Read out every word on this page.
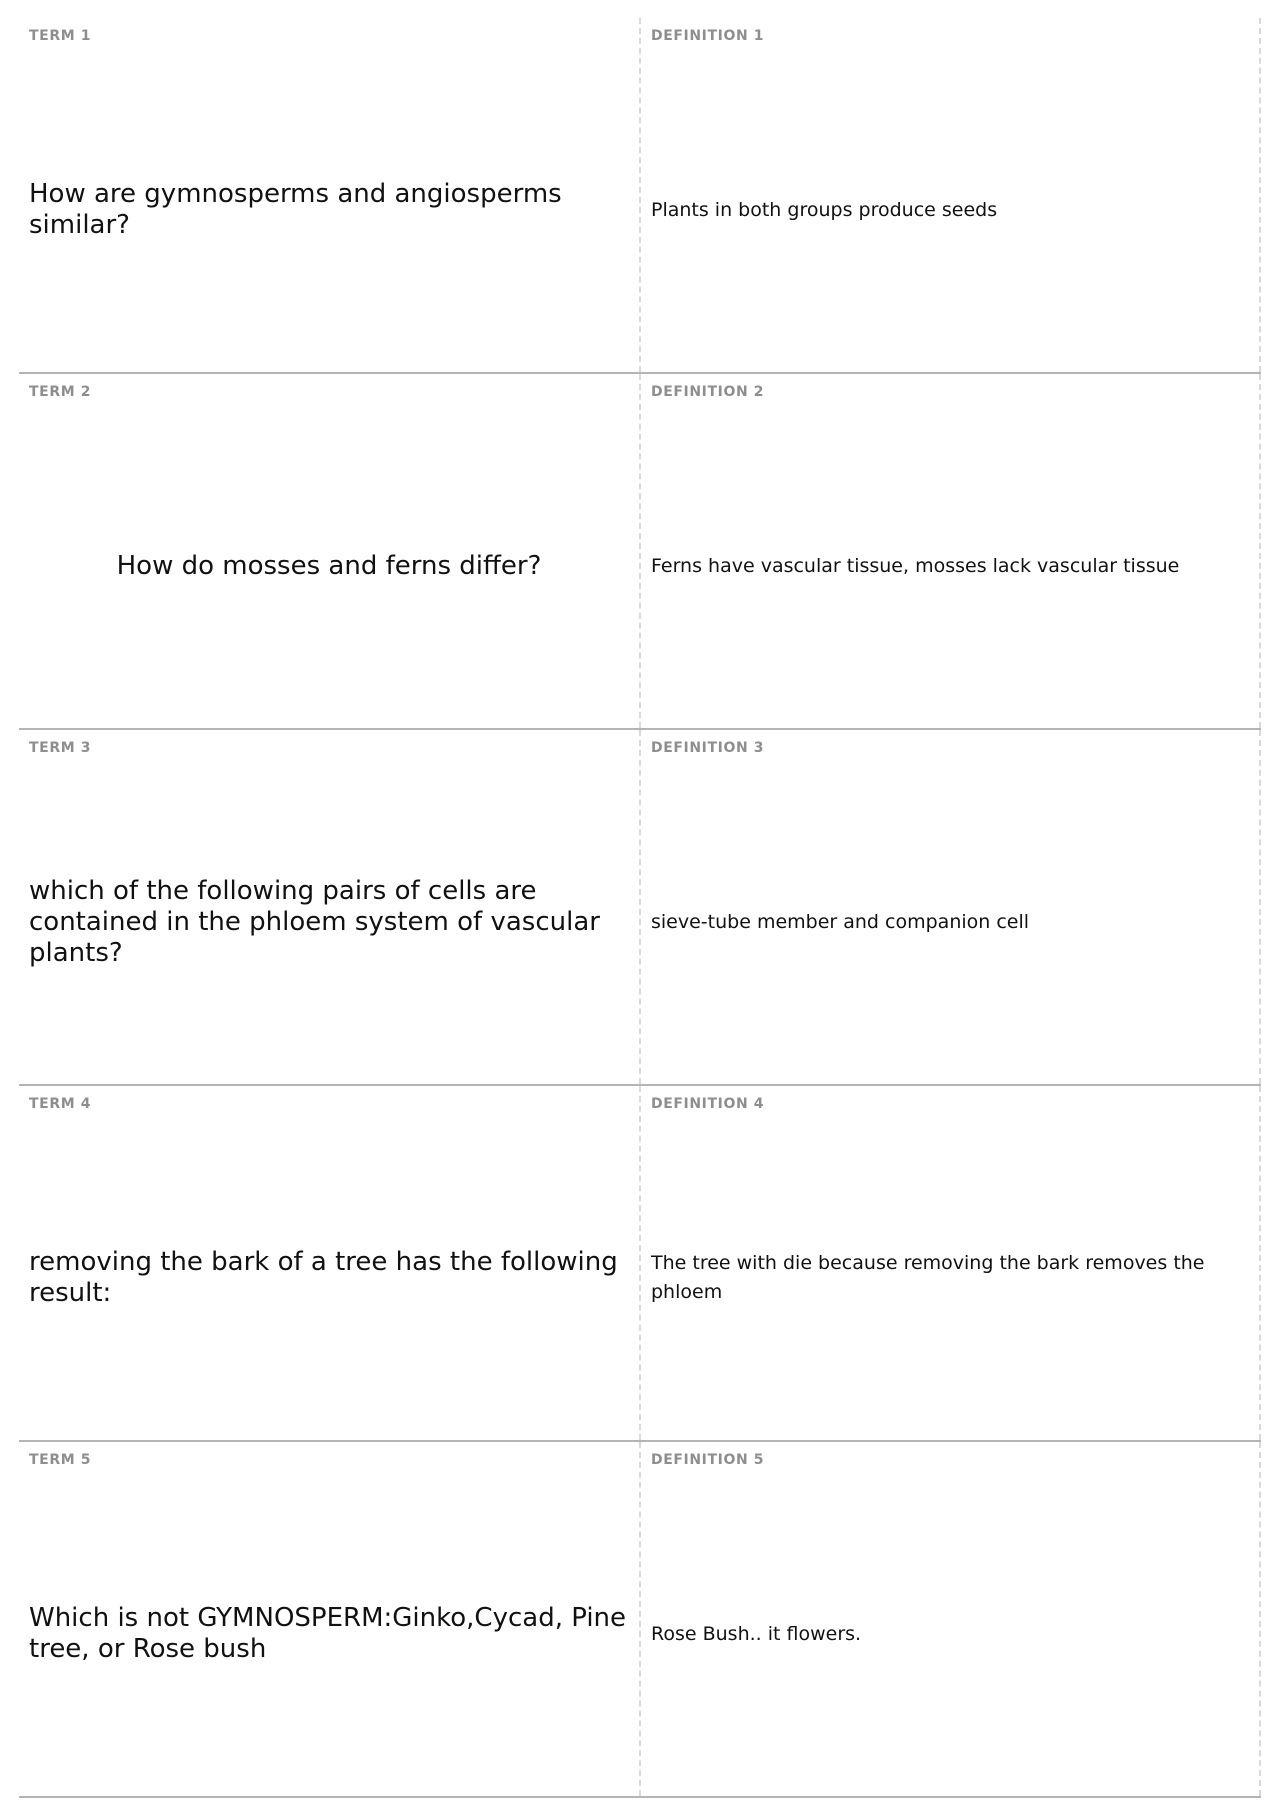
TERM 1
How are gymnosperms and angiosperms similar?
DEFINITION 1
Plants in both groups produce seeds
TERM 2
How do mosses and ferns differ?
DEFINITION 2
Ferns have vascular tissue, mosses lack vascular tissue
TERM 3
which of the following pairs of cells are contained in the phloem system of vascular plants?
DEFINITION 3
sieve-tube member and companion cell
TERM 4
removing the bark of a tree has the following result:
DEFINITION 4
The tree with die because removing the bark removes the phloem
TERM 5
Which is not GYMNOSPERM:Ginko,Cycad, Pine tree, or Rose bush
DEFINITION 5
Rose Bush.. it flowers.
